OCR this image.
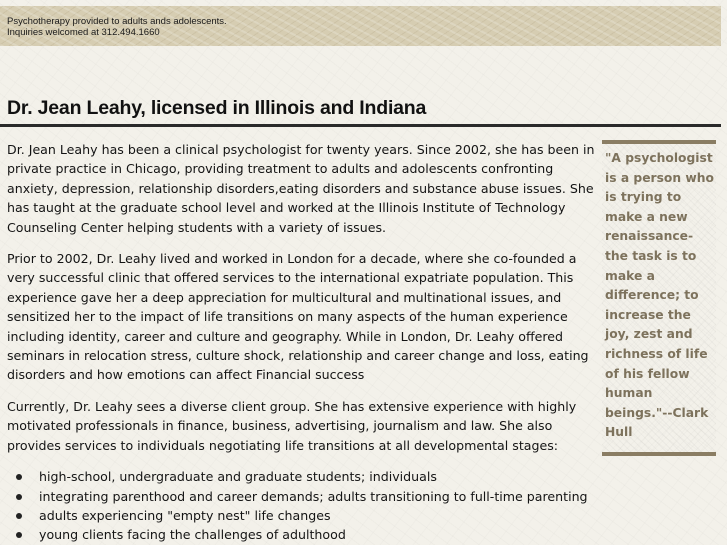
Psychotherapy provided to adults ands adolescents.
Inquiries welcomed at 312.494.1660
Dr. Jean Leahy, licensed in Illinois and Indiana

Dr. Jean Leahy has been a clinical psychologist for twenty years. Since 2002, she has been in private practice in Chicago, providing treatment to adults and adolescents confronting anxiety, depression, relationship disorders,eating disorders and substance abuse issues. She has taught at the graduate school level and worked at the Illinois Institute of Technology Counseling Center helping students with a variety of issues.

Prior to 2002, Dr. Leahy lived and worked in London for a decade, where she co-founded a very successful clinic that offered services to the international expatriate population. This experience gave her a deep appreciation for multicultural and multinational issues, and sensitized her to the impact of life transitions on many aspects of the human experience including identity, career and culture and geography. While in London, Dr. Leahy offered seminars in relocation stress, culture shock, relationship and career change and loss, eating disorders and how emotions can affect Financial success

Currently, Dr. Leahy sees a diverse client group. She has extensive experience with highly motivated professionals in finance, business, advertising, journalism and law. She also provides services to individuals negotiating life transitions at all developmental stages:

high-school, undergraduate and graduate students; individuals
integrating parenthood and career demands; adults transitioning to full-time parenting
adults experiencing "empty nest" life changes
young clients facing the challenges of adulthood
"A psychologist is a person who is trying to make a new renaissance-the task is to make a difference; to increase the joy, zest and richness of life of his fellow human beings."--Clark Hull
